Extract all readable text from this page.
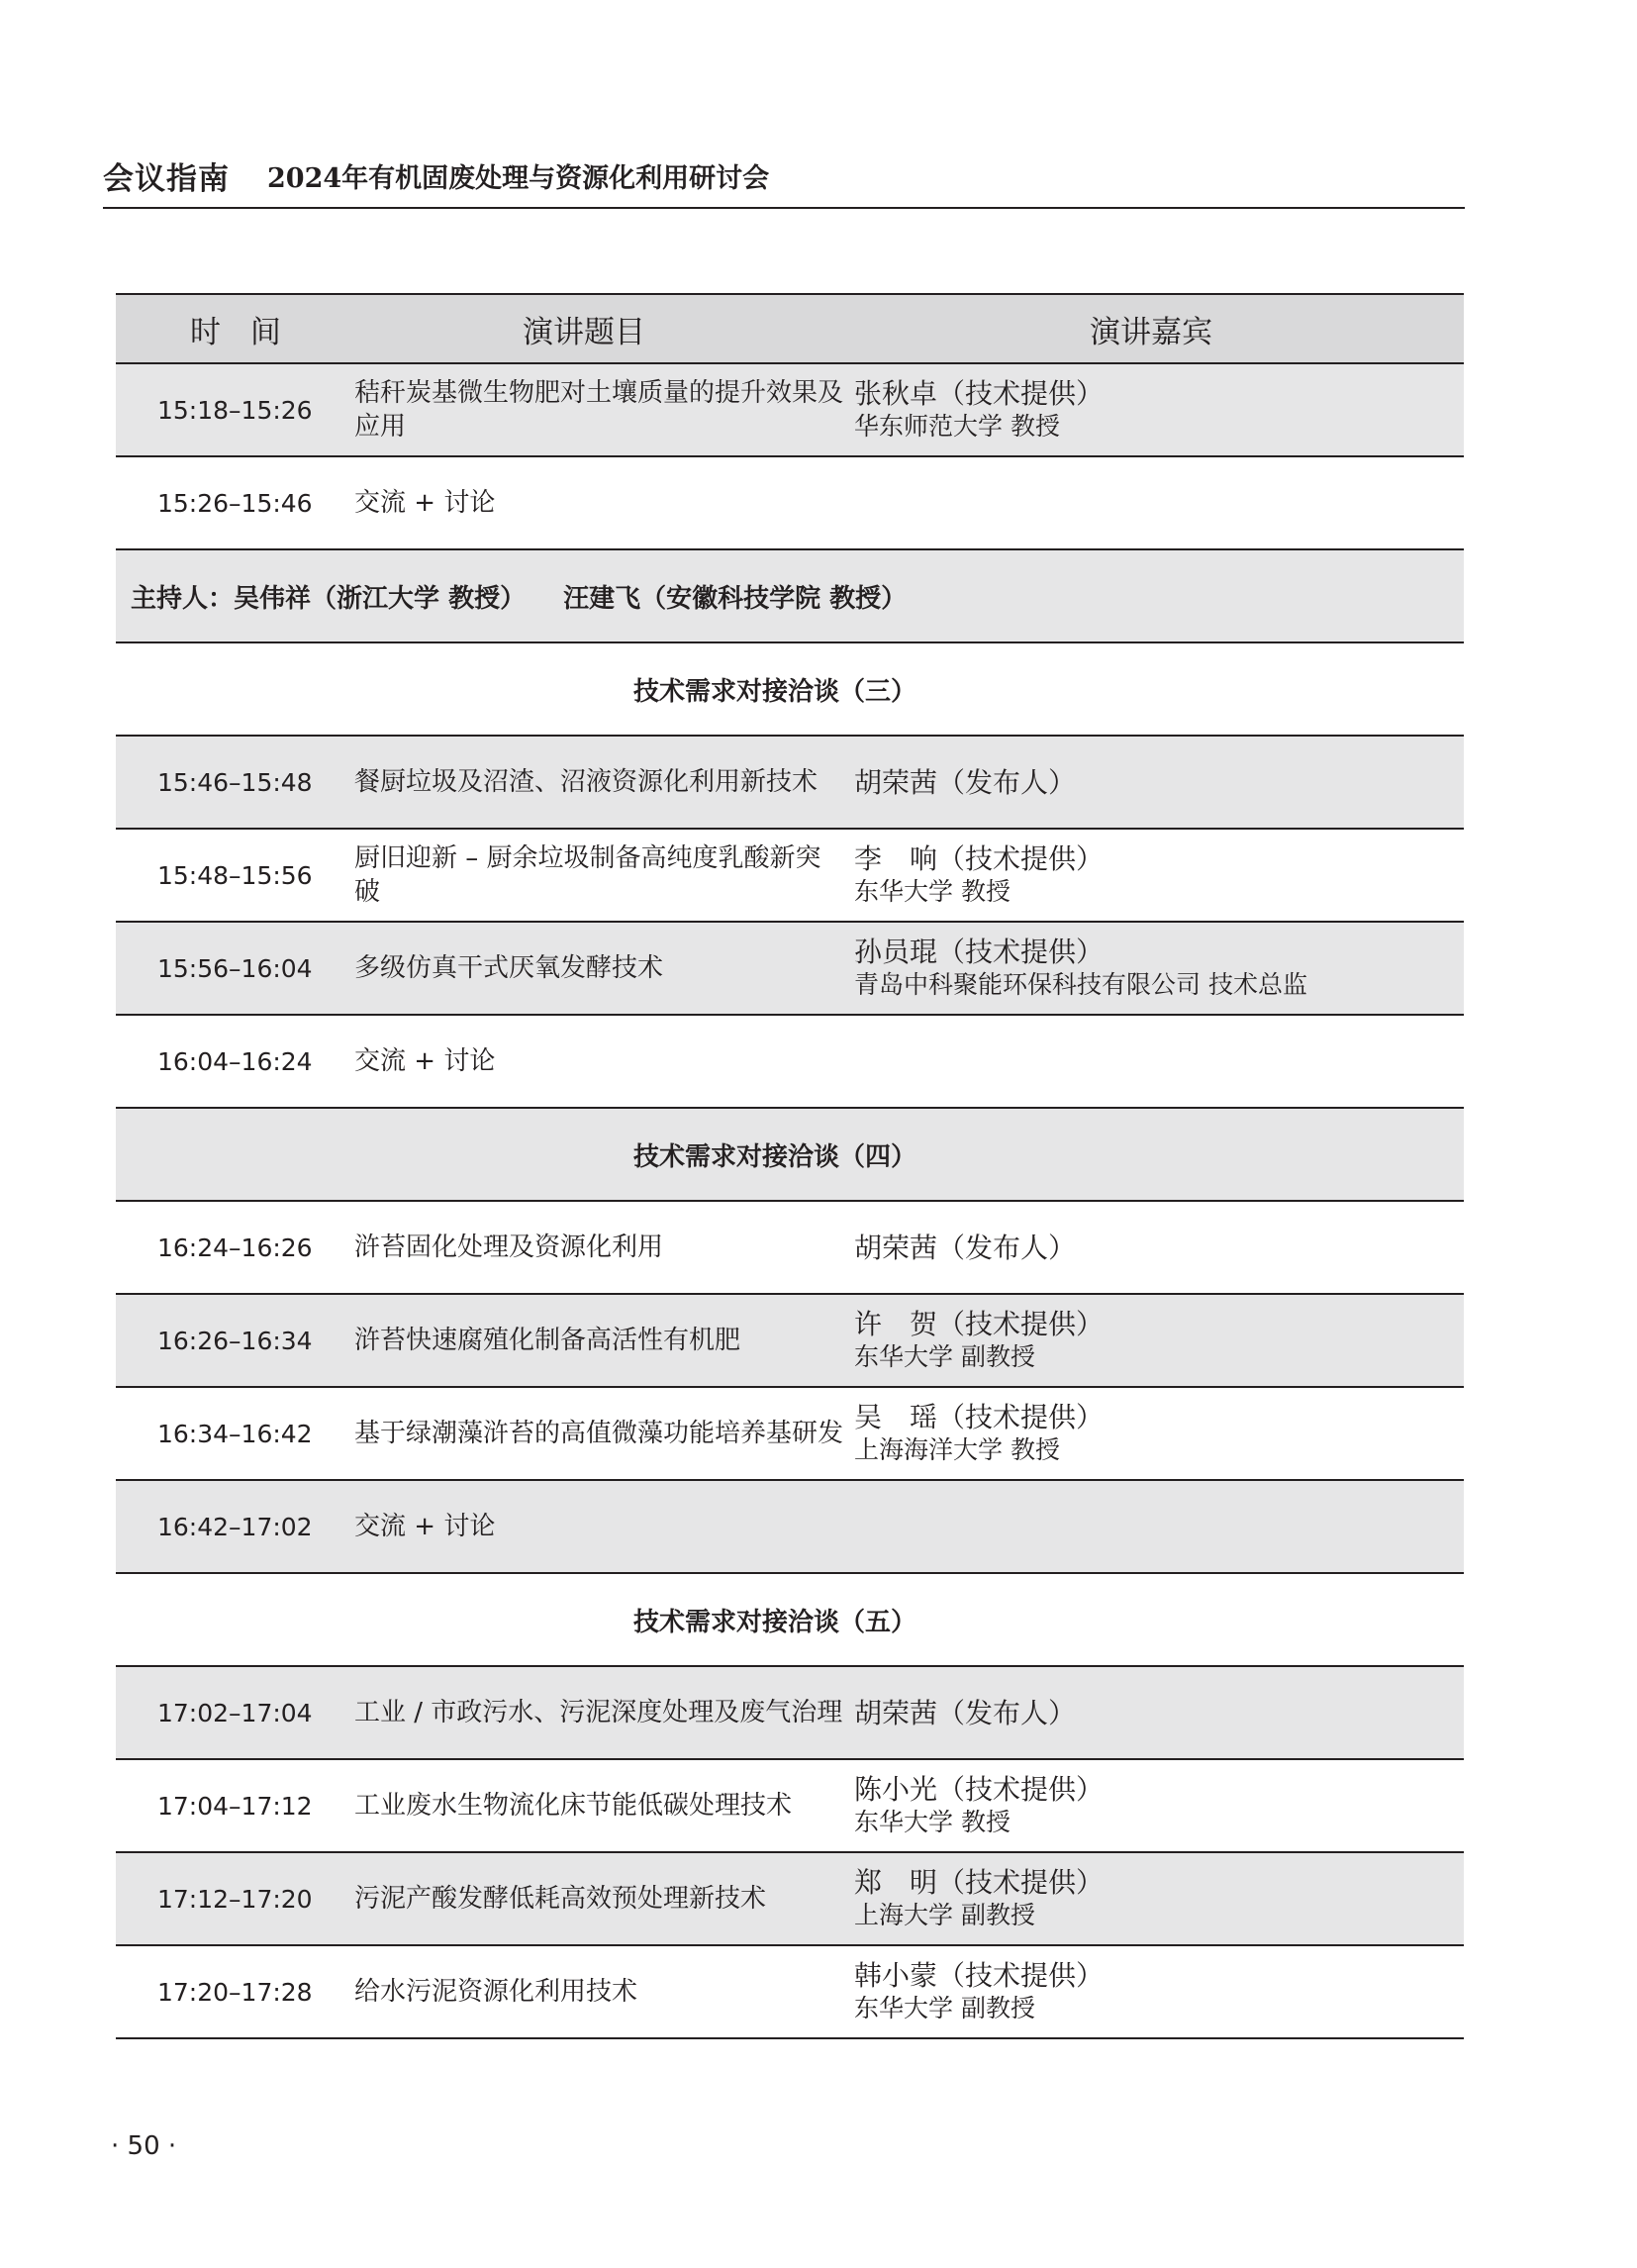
会议指南 2024年有机固废处理与资源化利用研讨会
时 间	演讲题目	演讲嘉宾
15:18–15:26	秸秆炭基微生物肥对土壤质量的提升效果及应用	张秋卓（技术提供）
华东师范大学 教授

15:26–15:46	交流 + 讨论	
主持人：吴伟祥（浙江大学 教授） 汪建飞（安徽科技学院 教授）		
技术需求对接洽谈（三）		
15:46–15:48	餐厨垃圾及沼渣、沼液资源化利用新技术	胡荣茜（发布人）

15:48–15:56	厨旧迎新 – 厨余垃圾制备高纯度乳酸新突破	李　响（技术提供）
东华大学 教授

15:56–16:04	多级仿真干式厌氧发酵技术	孙员琨（技术提供）
青岛中科聚能环保科技有限公司 技术总监

16:04–16:24	交流 + 讨论	
技术需求对接洽谈（四）		
16:24–16:26	浒苔固化处理及资源化利用	胡荣茜（发布人）

16:26–16:34	浒苔快速腐殖化制备高活性有机肥	许　贺（技术提供）
东华大学 副教授

16:34–16:42	基于绿潮藻浒苔的高值微藻功能培养基研发	吴　瑶（技术提供）
上海海洋大学 教授

16:42–17:02	交流 + 讨论	
技术需求对接洽谈（五）		
17:02–17:04	工业 / 市政污水、污泥深度处理及废气治理	胡荣茜（发布人）

17:04–17:12	工业废水生物流化床节能低碳处理技术	陈小光（技术提供）
东华大学 教授

17:12–17:20	污泥产酸发酵低耗高效预处理新技术	郑　明（技术提供）
上海大学 副教授

17:20–17:28	给水污泥资源化利用技术	韩小蒙（技术提供）
东华大学 副教授
· 50 ·
